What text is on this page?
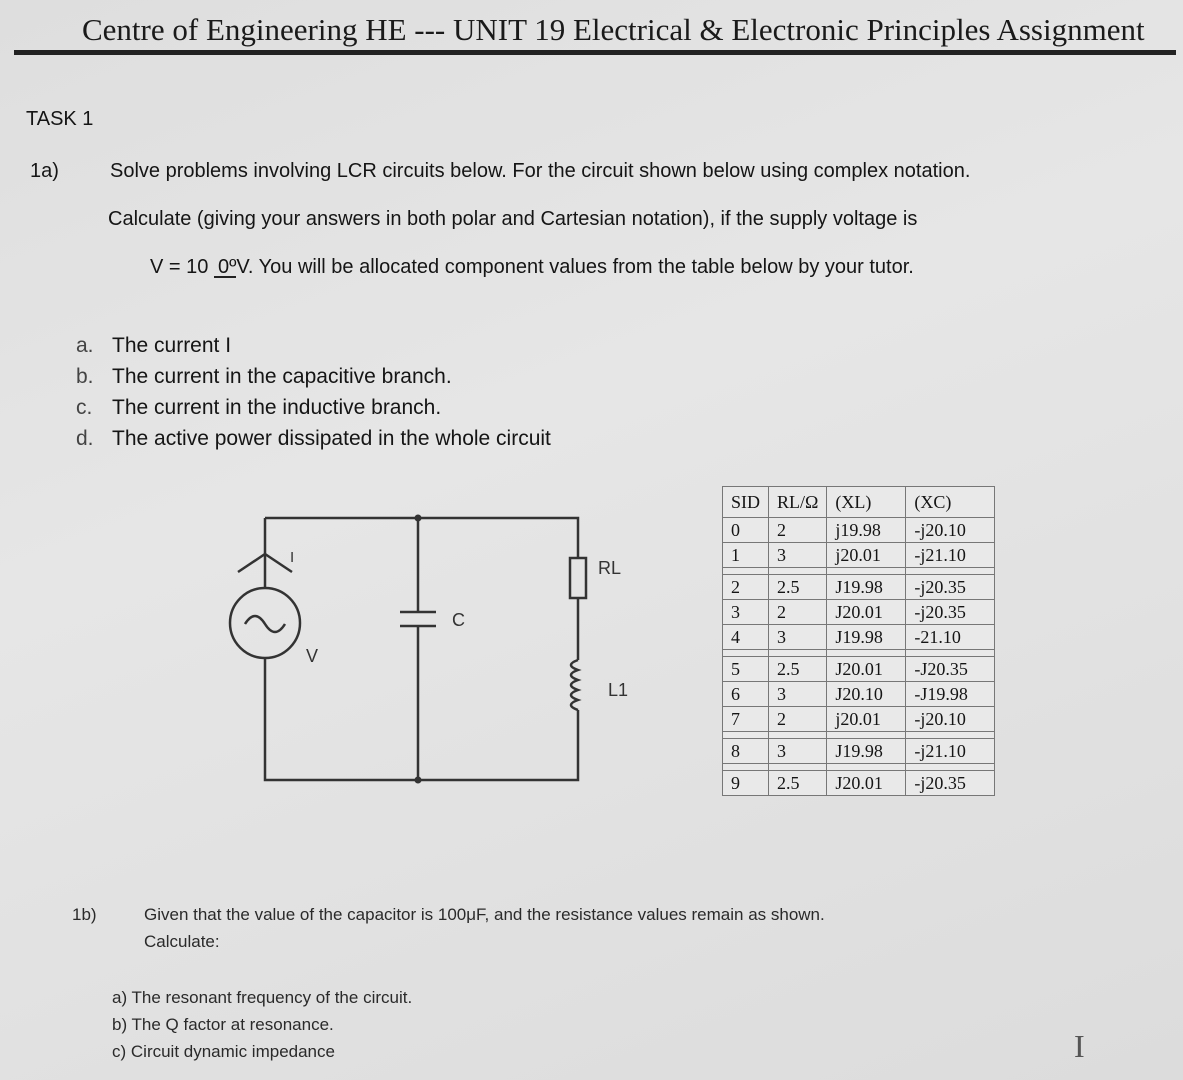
Centre of Engineering HE --- UNIT 19 Electrical & Electronic Principles Assignment
TASK 1
1a)	Solve problems involving LCR circuits below. For the circuit shown below using complex notation.
Calculate (giving your answers in both polar and Cartesian notation), if the supply voltage is
V = 10 0ºV. You will be allocated component values from the table below by your tutor.
a. The current I
b. The current in the capacitive branch.
c. The current in the inductive branch.
d. The active power dissipated in the whole circuit
I
V
C
RL
L1
SID	RL/Ω	(XL)	(XC)
0	2	j19.98	-j20.10
1	3	j20.01	-j21.10

2	2.5	J19.98	-j20.35
3	2	J20.01	-j20.35
4	3	J19.98	-21.10

5	2.5	J20.01	-J20.35
6	3	J20.10	-J19.98
7	2	j20.01	-j20.10

8	3	J19.98	-j21.10

9	2.5	J20.01	-j20.35
1b)	Given that the value of the capacitor is 100μF, and the resistance values remain as shown.
Calculate:
a) The resonant frequency of the circuit.
b) The Q factor at resonance.
c) Circuit dynamic impedance	I
